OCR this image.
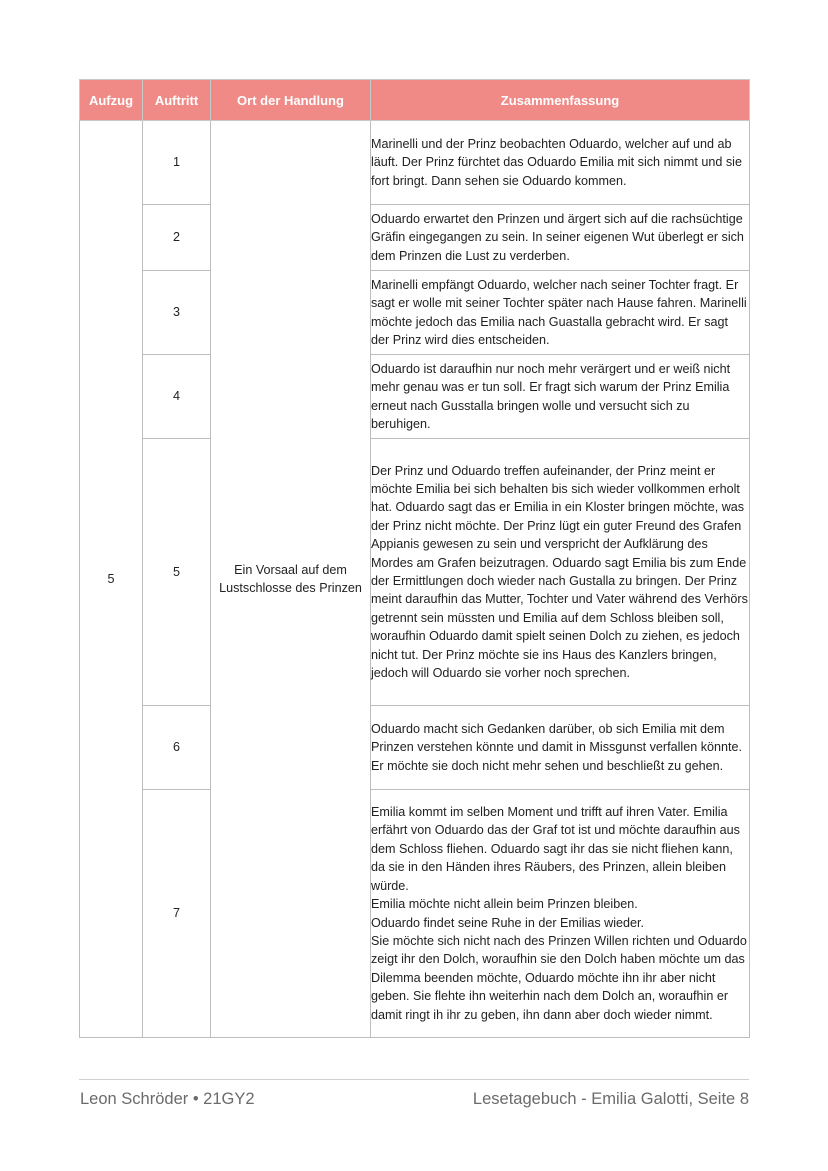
Aufzug	Auftritt	Ort der Handlung	Zusammenfassung
5	1	Ein Vorsaal auf dem Lustschlosse des Prinzen	Marinelli und der Prinz beobachten Oduardo, welcher auf und ab läuft. Der Prinz fürchtet das Oduardo Emilia mit sich nimmt und sie fort bringt. Dann sehen sie Oduardo kommen.
	2		Oduardo erwartet den Prinzen und ärgert sich auf die rachsüchtige Gräfin eingegangen zu sein. In seiner eigenen Wut überlegt er sich dem Prinzen die Lust zu verderben.
	3		Marinelli empfängt Oduardo, welcher nach seiner Tochter fragt. Er sagt er wolle mit seiner Tochter später nach Hause fahren. Marinelli möchte jedoch das Emilia nach Guastalla gebracht wird. Er sagt der Prinz wird dies entscheiden.
	4		Oduardo ist daraufhin nur noch mehr verärgert und er weiß nicht mehr genau was er tun soll. Er fragt sich warum der Prinz Emilia erneut nach Gusstalla bringen wolle und versucht sich zu beruhigen.
	5		Der Prinz und Oduardo treffen aufeinander, der Prinz meint er möchte Emilia bei sich behalten bis sich wieder vollkommen erholt hat. Oduardo sagt das er Emilia in ein Kloster bringen möchte, was der Prinz nicht möchte. Der Prinz lügt ein guter Freund des Grafen Appianis gewesen zu sein und verspricht der Aufklärung des Mordes am Grafen beizutragen. Oduardo sagt Emilia bis zum Ende der Ermittlungen doch wieder nach Gustalla zu bringen. Der Prinz meint daraufhin das Mutter, Tochter und Vater während des Verhörs getrennt sein müssten und Emilia auf dem Schloss bleiben soll, woraufhin Oduardo damit spielt seinen Dolch zu ziehen, es jedoch nicht tut. Der Prinz möchte sie ins Haus des Kanzlers bringen, jedoch will Oduardo sie vorher noch sprechen.
	6		Oduardo macht sich Gedanken darüber, ob sich Emilia mit dem Prinzen verstehen könnte und damit in Missgunst verfallen könnte. Er möchte sie doch nicht mehr sehen und beschließt zu gehen.
	7		Emilia kommt im selben Moment und trifft auf ihren Vater. Emilia erfährt von Oduardo das der Graf tot ist und möchte daraufhin aus dem Schloss fliehen. Oduardo sagt ihr das sie nicht fliehen kann, da sie in den Händen ihres Räubers, des Prinzen, allein bleiben würde.
Emilia möchte nicht allein beim Prinzen bleiben.
Oduardo findet seine Ruhe in der Emilias wieder.
Sie möchte sich nicht nach des Prinzen Willen richten und Oduardo zeigt ihr den Dolch, woraufhin sie den Dolch haben möchte um das Dilemma beenden möchte, Oduardo möchte ihn ihr aber nicht geben. Sie flehte ihn weiterhin nach dem Dolch an, woraufhin er damit ringt ih ihr zu geben, ihn dann aber doch wieder nimmt.
Leon Schröder • 21GY2	Lesetagebuch - Emilia Galotti, Seite 8
